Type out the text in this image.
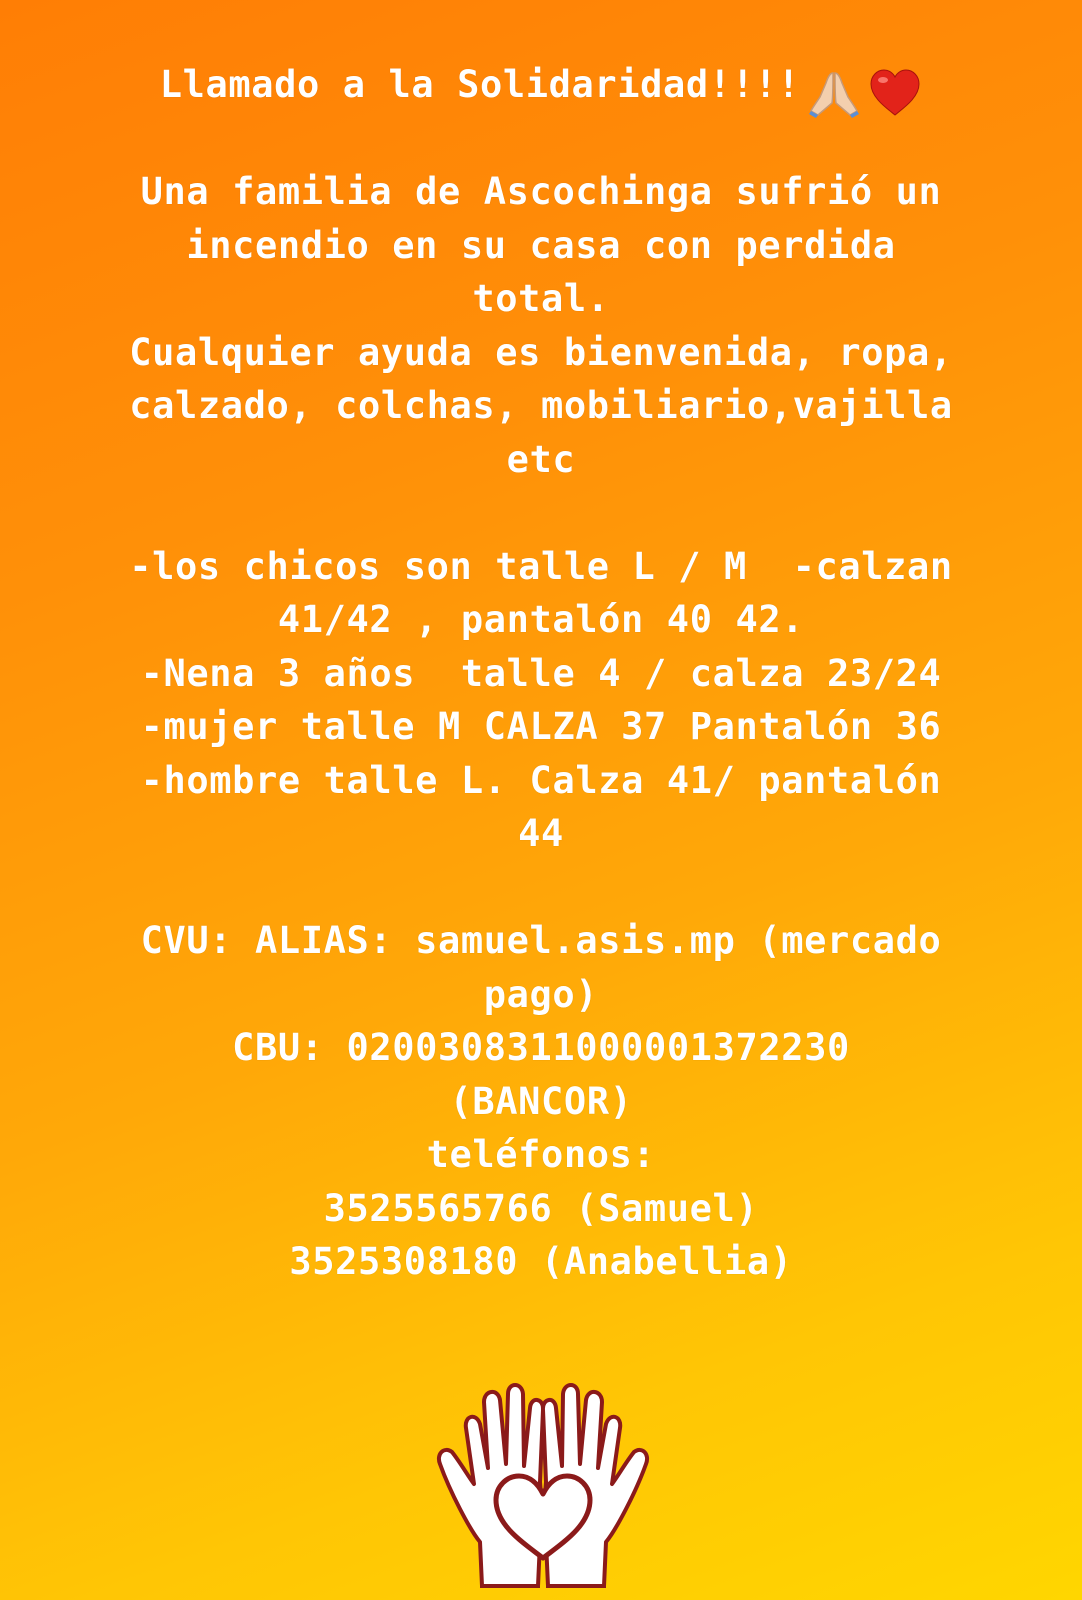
Llamado a la Solidaridad!!!!
Una familia de Ascochinga sufrió un
incendio en su casa con perdida
total.
Cualquier ayuda es bienvenida, ropa,
calzado, colchas, mobiliario,vajilla
etc
-los chicos son talle L / M  -calzan
41/42 , pantalón 40 42.
-Nena 3 años  talle 4 / calza 23/24
-mujer talle M CALZA 37 Pantalón 36
-hombre talle L. Calza 41/ pantalón
44
CVU: ALIAS: samuel.asis.mp (mercado
pago)
CBU: 0200308311000001372230
(BANCOR)
teléfonos:
3525565766 (Samuel)
3525308180 (Anabellia)
